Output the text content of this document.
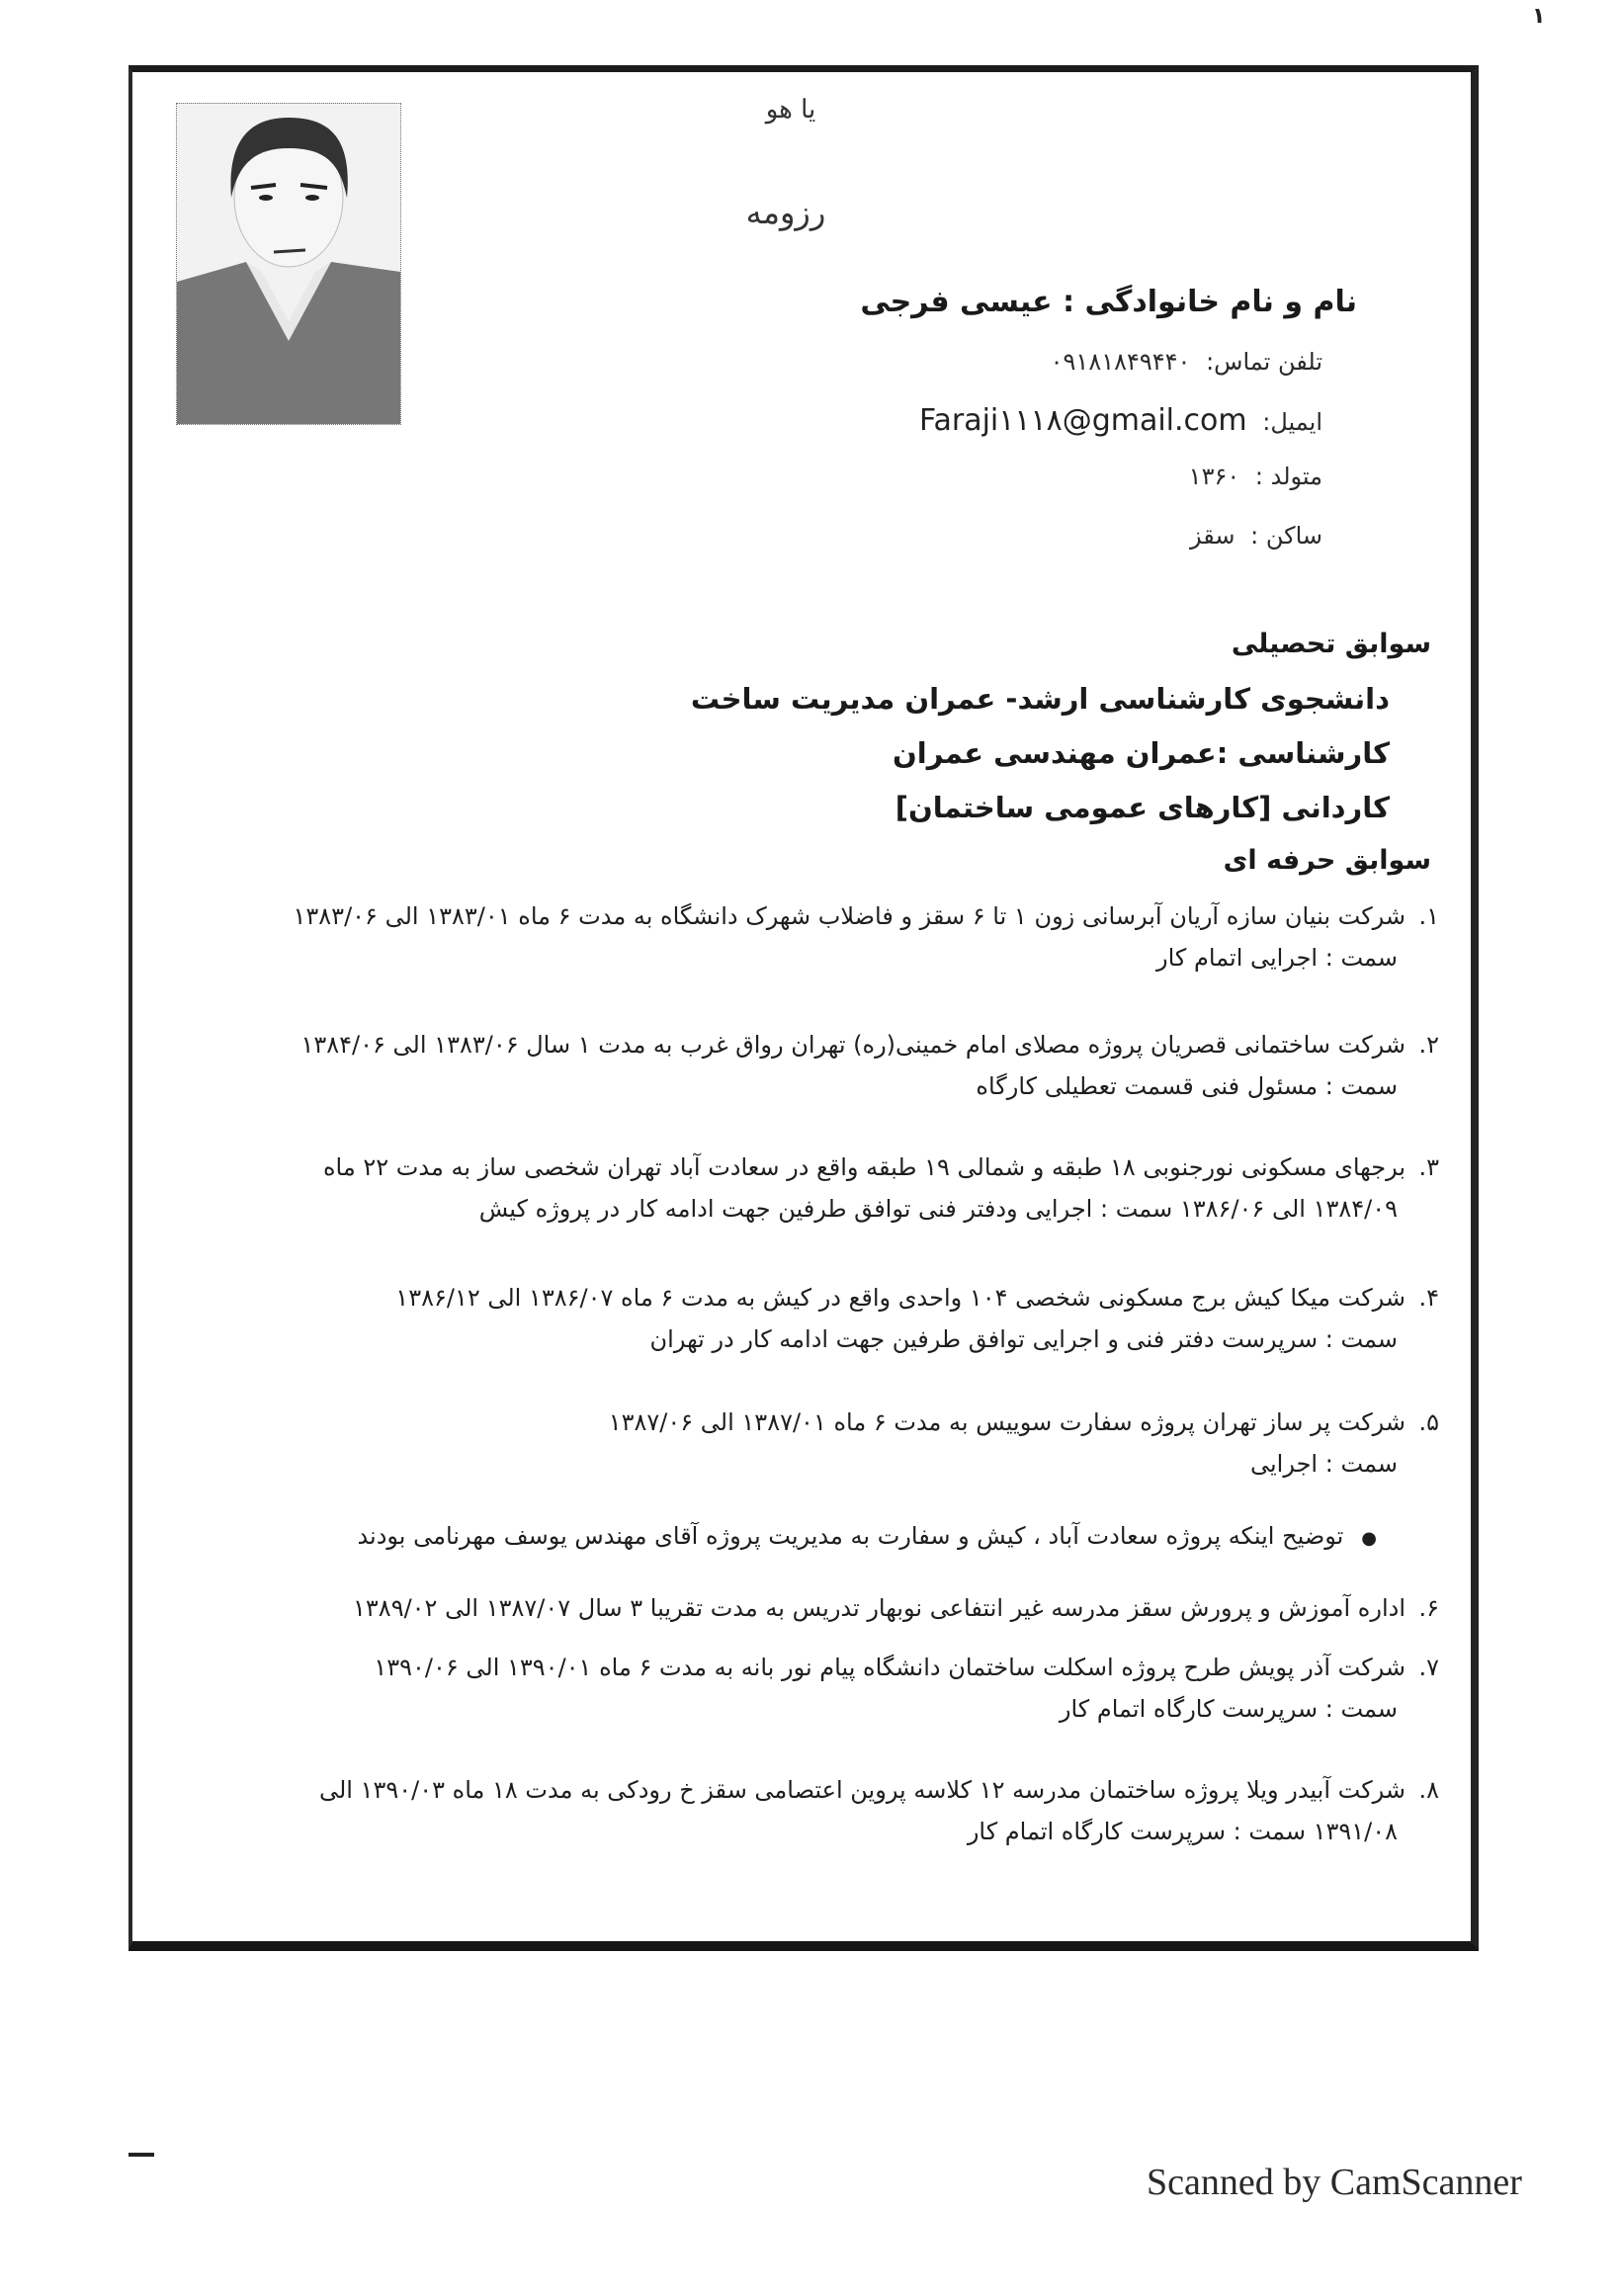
۱
یا هو
رزومه
نام و نام خانوادگی : عیسی فرجی
تلفن تماس: ۰۹۱۸۱۸۴۹۴۴۰
ایمیل: Faraji۱۱۱۸@gmail.com
متولد : ۱۳۶۰
ساکن : سقز
سوابق تحصیلی
دانشجوی کارشناسی ارشد- عمران مدیریت ساخت
کارشناسی :عمران مهندسی عمران
کاردانی [کارهای عمومی ساختمان]
سوابق حرفه ای
۱.شرکت بنیان سازه آریان آبرسانی زون ۱ تا ۶ سقز و فاضلاب شهرک دانشگاه به مدت ۶ ماه ۱۳۸۳/۰۱ الی ۱۳۸۳/۰۶
سمت : اجرایی اتمام کار
۲.شرکت ساختمانی قصریان پروژه مصلای امام خمینی(ره) تهران رواق غرب به مدت ۱ سال ۱۳۸۳/۰۶ الی ۱۳۸۴/۰۶
سمت : مسئول فنی قسمت تعطیلی کارگاه
۳.برجهای مسکونی نورجنوبی ۱۸ طبقه و شمالی ۱۹ طبقه واقع در سعادت آباد تهران شخصی ساز به مدت ۲۲ ماه
۱۳۸۴/۰۹ الی ۱۳۸۶/۰۶ سمت : اجرایی ودفتر فنی توافق طرفین جهت ادامه کار در پروژه کیش
۴.شرکت میکا کیش برج مسکونی شخصی ۱۰۴ واحدی واقع در کیش به مدت ۶ ماه ۱۳۸۶/۰۷ الی ۱۳۸۶/۱۲
سمت : سرپرست دفتر فنی و اجرایی توافق طرفین جهت ادامه کار در تهران
۵.شرکت پر ساز تهران پروژه سفارت سوییس به مدت ۶ ماه ۱۳۸۷/۰۱ الی ۱۳۸۷/۰۶
سمت : اجرایی
●توضیح اینکه پروژه سعادت آباد ، کیش و سفارت به مدیریت پروژه آقای مهندس یوسف مهرنامی بودند
۶.اداره آموزش و پرورش سقز مدرسه غیر انتفاعی نوبهار تدریس به مدت تقریبا ۳ سال ۱۳۸۷/۰۷ الی ۱۳۸۹/۰۲
۷.شرکت آذر پویش طرح پروژه اسکلت ساختمان دانشگاه پیام نور بانه به مدت ۶ ماه ۱۳۹۰/۰۱ الی ۱۳۹۰/۰۶
سمت : سرپرست کارگاه اتمام کار
۸.شرکت آبیدر ویلا پروژه ساختمان مدرسه ۱۲ کلاسه پروین اعتصامی سقز خ رودکی به مدت ۱۸ ماه ۱۳۹۰/۰۳ الی
۱۳۹۱/۰۸ سمت : سرپرست کارگاه اتمام کار
Scanned by CamScanner
